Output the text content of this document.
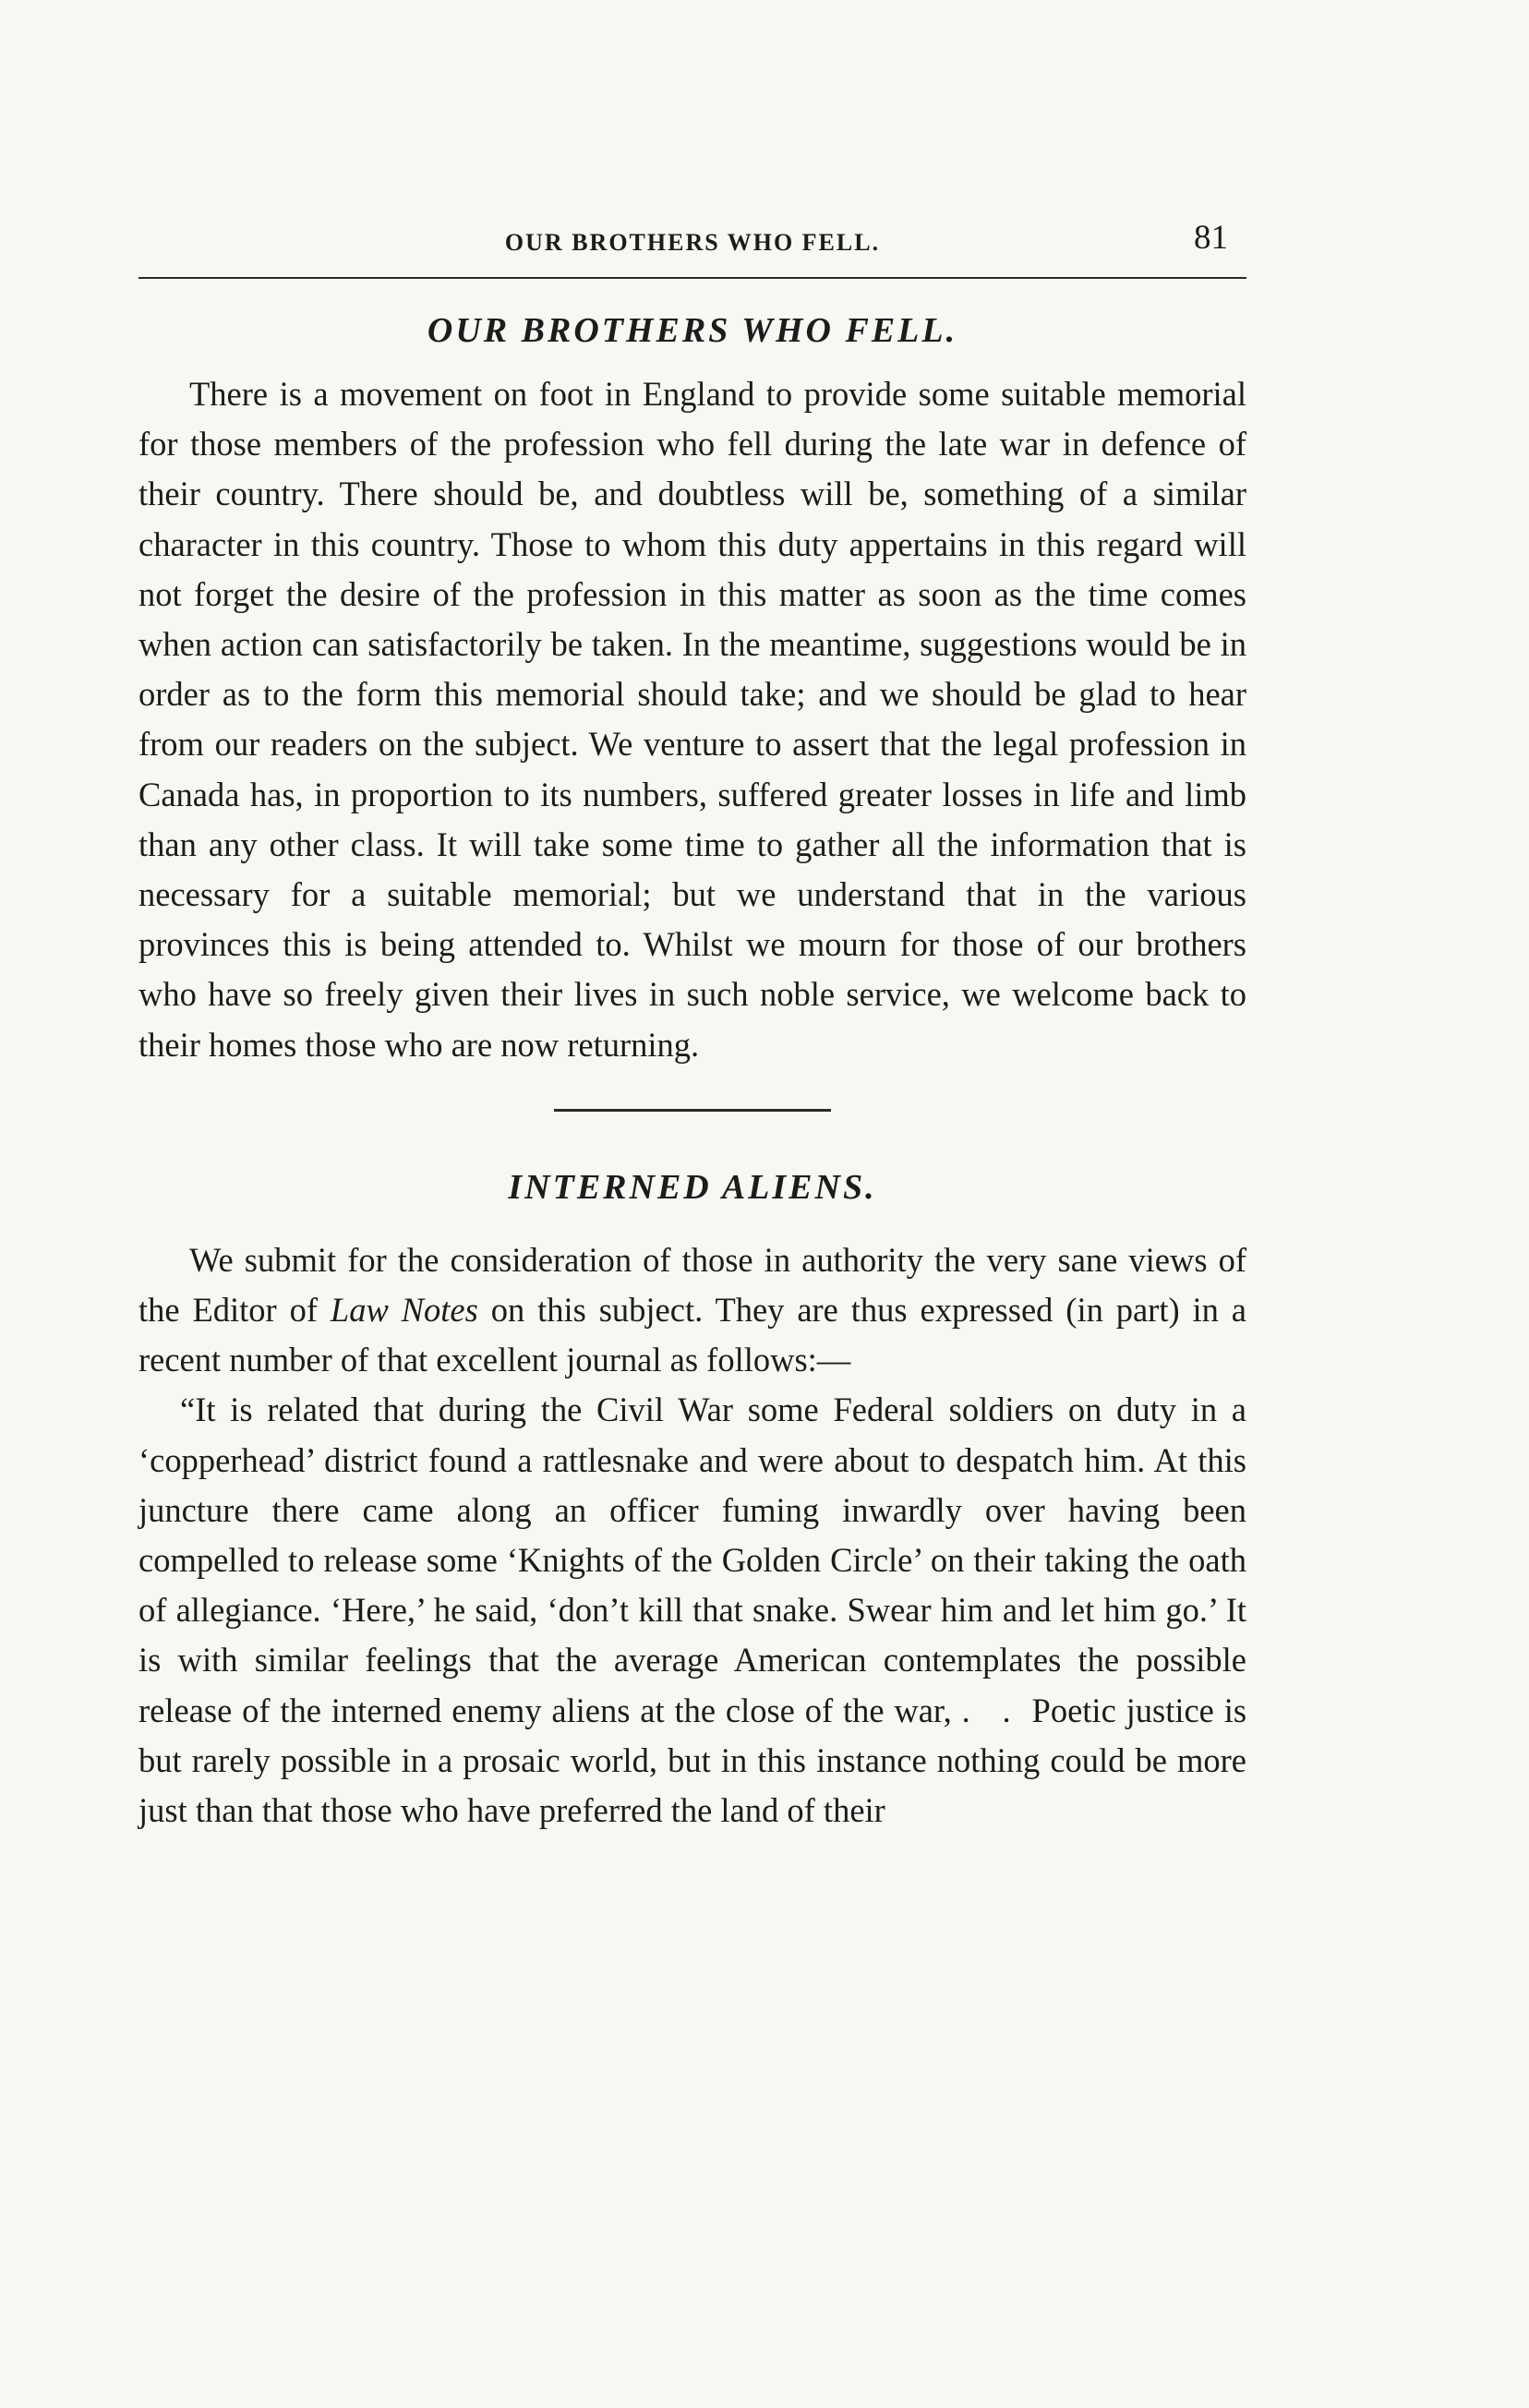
OUR BROTHERS WHO FELL.	81
OUR BROTHERS WHO FELL.

There is a movement on foot in England to provide some suitable memorial for those members of the profession who fell during the late war in defence of their country. There should be, and doubtless will be, something of a similar character in this country. Those to whom this duty appertains in this regard will not forget the desire of the profession in this matter as soon as the time comes when action can satisfactorily be taken. In the meantime, suggestions would be in order as to the form this memorial should take; and we should be glad to hear from our readers on the subject. We venture to assert that the legal profession in Canada has, in proportion to its numbers, suffered greater losses in life and limb than any other class. It will take some time to gather all the information that is necessary for a suitable memorial; but we understand that in the various provinces this is being attended to. Whilst we mourn for those of our brothers who have so freely given their lives in such noble service, we welcome back to their homes those who are now returning.

INTERNED ALIENS.

We submit for the consideration of those in authority the very sane views of the Editor of Law Notes on this subject. They are thus expressed (in part) in a recent number of that excellent journal as follows:—

“It is related that during the Civil War some Federal soldiers on duty in a ‘copperhead’ district found a rattlesnake and were about to despatch him. At this juncture there came along an officer fuming inwardly over having been compelled to release some ‘Knights of the Golden Circle’ on their taking the oath of allegiance. ‘Here,’ he said, ‘don’t kill that snake. Swear him and let him go.’ It is with similar feelings that the average American contemplates the possible release of the interned enemy aliens at the close of the war, . . Poetic justice is but rarely possible in a prosaic world, but in this instance nothing could be more just than that those who have preferred the land of their
